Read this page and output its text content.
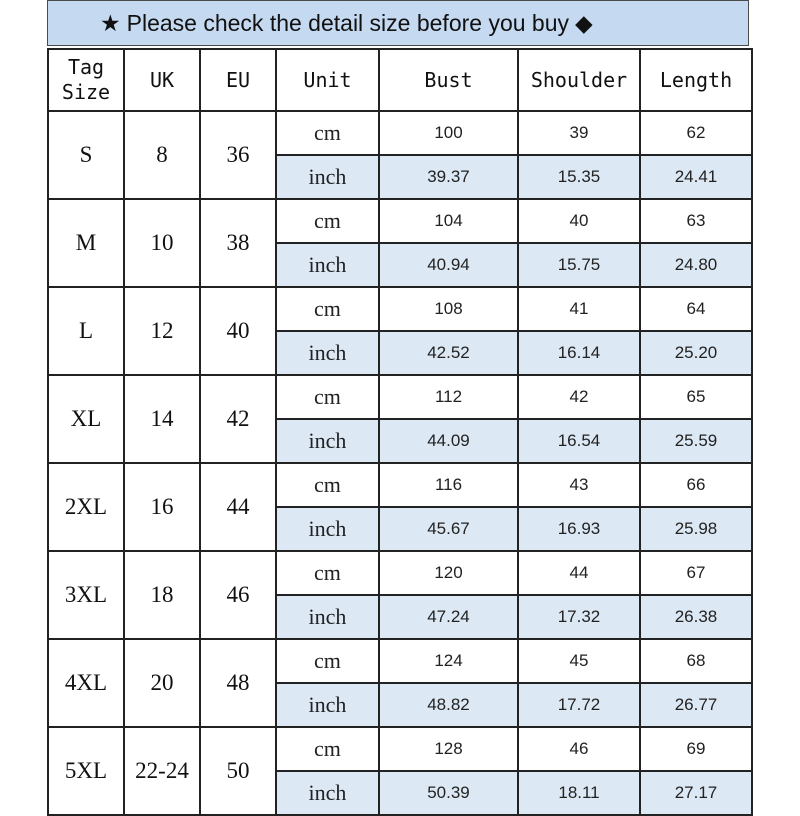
★ Please check the detail size before you buy ◆
Tag
Size	UK	EU	Unit	Bust	Shoulder	Length
S	8	36	cm	100	39	62
			inch	39.37	15.35	24.41
M	10	38	cm	104	40	63
			inch	40.94	15.75	24.80
L	12	40	cm	108	41	64
			inch	42.52	16.14	25.20
XL	14	42	cm	112	42	65
			inch	44.09	16.54	25.59
2XL	16	44	cm	116	43	66
			inch	45.67	16.93	25.98
3XL	18	46	cm	120	44	67
			inch	47.24	17.32	26.38
4XL	20	48	cm	124	45	68
			inch	48.82	17.72	26.77
5XL	22-24	50	cm	128	46	69
			inch	50.39	18.11	27.17
